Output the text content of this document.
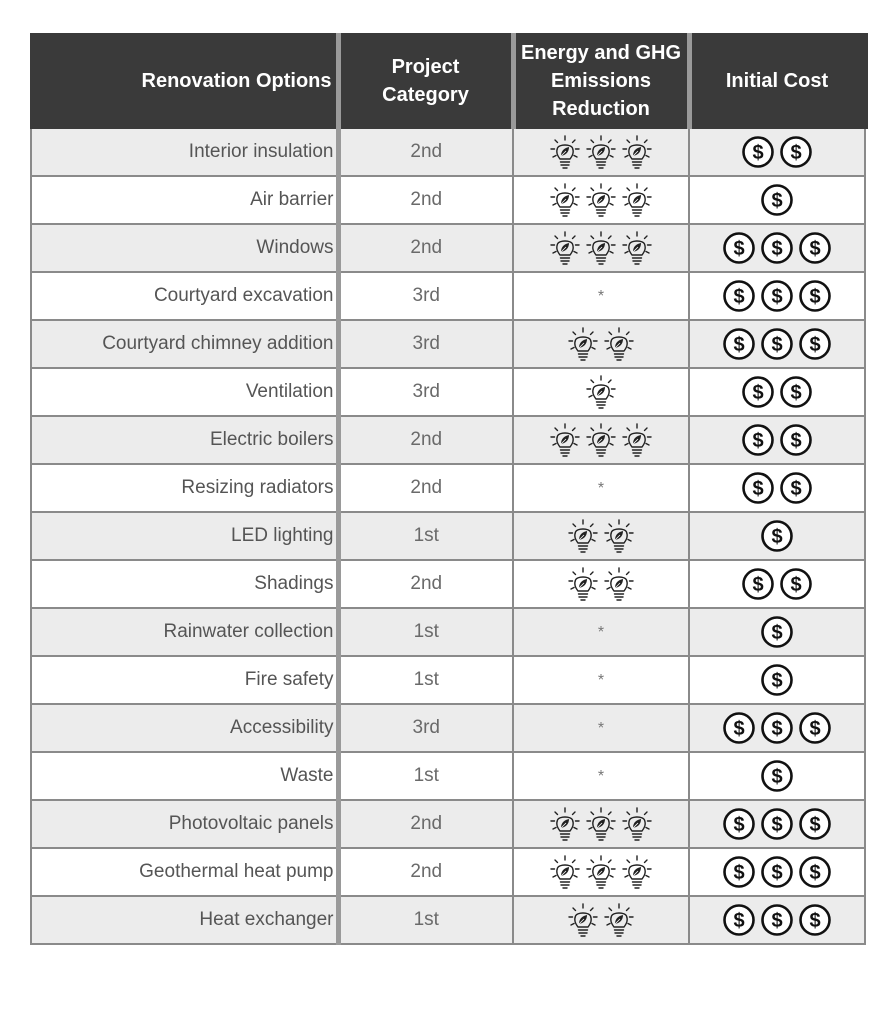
Renovation Options	Project Category	Energy and GHG Emissions Reduction	Initial Cost
Interior insulation	2nd		$ $

Air barrier	2nd		$

Windows	2nd		$ $ $

Courtyard excavation	3rd	*	$ $ $

Courtyard chimney addition	3rd		$ $ $

Ventilation	3rd		$ $

Electric boilers	2nd		$ $

Resizing radiators	2nd	*	$ $

LED lighting	1st		$

Shadings	2nd		$ $

Rainwater collection	1st	*	$

Fire safety	1st	*	$

Accessibility	3rd	*	$ $ $

Waste	1st	*	$

Photovoltaic panels	2nd		$ $ $

Geothermal heat pump	2nd		$ $ $

Heat exchanger	1st		$ $ $
